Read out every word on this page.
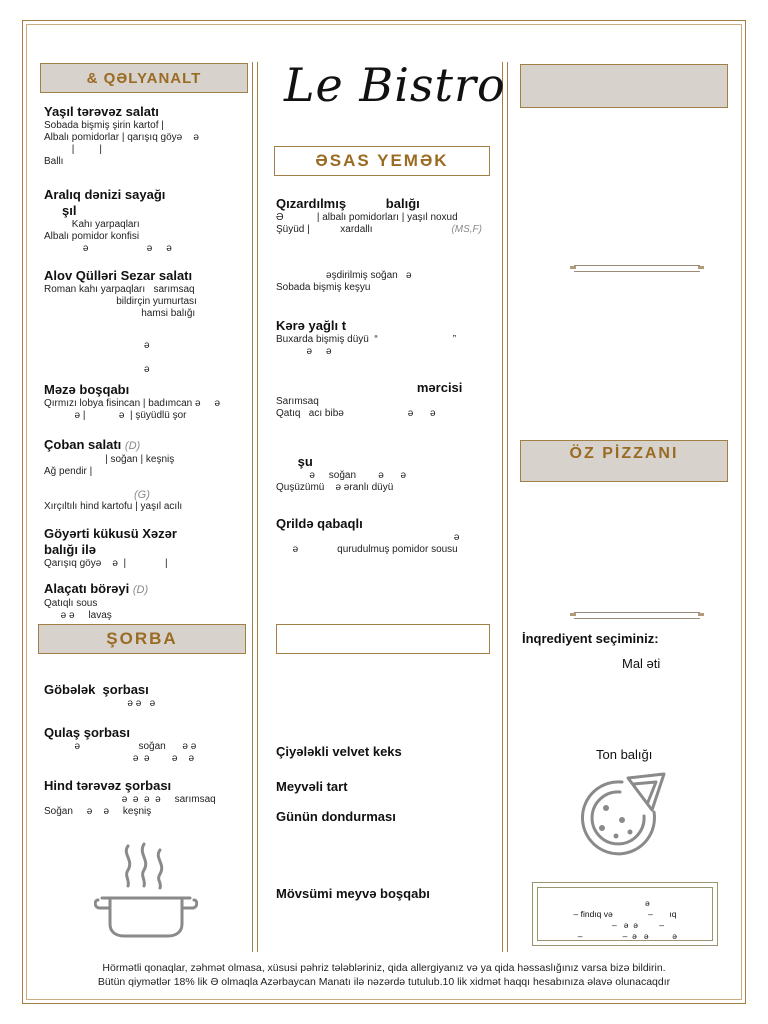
& QƏLYANALT	Le Bistro
ƏSAS YEMƏK
ŞORBA
ÖZ PİZZANI
Yaşıl tərəvəz salatı
Sobada bişmiş şirin kartof |
Albalı pomidorlar | qarışıq göyə    ə
|         |
Ballı
Aralıq dənizi sayağı
şıl
Kahı yarpaqları
Albalı pomidor konfisi
ə                     ə     ə
Alov Qülləri Sezar salatı
Roman kahı yarpaqları   sarımsaq
bildirçin yumurtası
hamsi balığı
ə

ə
Məzə boşqabı
Qırmızı lobya fisincan | badımcan ə     ə
ə |            ə  | şüyüdlü şor
Çoban salatı (D)
| soğan | keşniş
Ağ pendir |
(G)
Xırçıltılı hind kartofu | yaşıl acılı
Göyərti kükusü Xəzər
balığı ilə
Qarışıq göyə    ə  |              |
Alaçatı börəyi (D)
Qatıqlı sous
ə ə     lavaş
Qızardılmış           balığı
Ə            | albalı pomidorları | yaşıl noxud
Şüyüd |           xardallı	(MS,F)
əşdirilmiş soğan   ə
Sobada bişmiş keşyu
Kərə yağlı t
Buxarda bişmiş düyü  “                           ”
ə     ə
mərcisi
Sarımsaq
Qatıq   acı bibə                       ə      ə
şu
ə     soğan        ə      ə
Quşüzümü    ə əranlı düyü
Qrildə qabaqlı
ə
ə              qurudulmuş pomidor sousu
Göbələk  şorbası
ə ə   ə
Qulaş şorbası
ə                     soğan      ə ə
ə  ə        ə    ə
Hind tərəvəz şorbası
ə  ə  ə  ə     sarımsaq
Soğan     ə    ə     keşniş
Çiyələkli velvet keks
Meyvəli tart
Günün dondurması
Mövsümi meyvə boşqabı
İnqrediyent seçiminiz:
Mal əti
Ton balığı
ə
– findıq və               –       ıq
–   ə  ə         –
–                 –  ə   ə          ə
Hörmətli qonaqlar, zəhmət olmasa, xüsusi pəhriz tələbləriniz, qida allergiyanız və ya qida həssaslığınız varsa bizə bildirin.
Bütün qiymətlər 18% lik Ə olmaqla Azərbaycan Manatı ilə nəzərdə tutulub.10 lik xidmət haqqı hesabınıza əlavə olunacaqdır
